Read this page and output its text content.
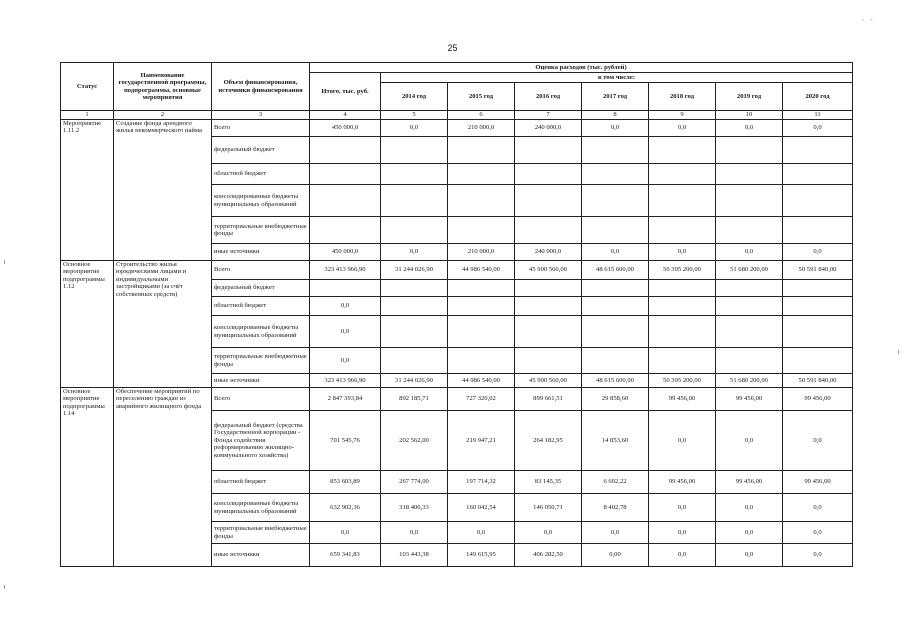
25
- -
Статус	Наименование государственной программы, подпрограммы, основные мероприятия	Объем финансирования, источники финансирования	Оценка расходов (тыс. рублей)							
			Итого, тыс. руб.	в том числе:						
				2014 год	2015 год	2016 год	2017 год	2018 год	2019 год	2020 год
1	2	3	4	5	6	7	8	9	10	11
Мероприятие 1.11.2	Создание фонда арендного жилья некоммерческого найма	Всего	450 000,0	0,0	210 000,0	240 000,0	0,0	0,0	0,0	0,0
		федеральный бюджет								
		областной бюджет								
		консолидированные бюджеты муниципальных образований								
		территориальные внебюджетные фонды								
		иные источники	450 000,0	0,0	210 000,0	240 000,0	0,0	0,0	0,0	0,0
Основное мероприятие подпрограммы 1.12	Строительство жилья юридическими лицами и индивидуальными застройщиками (за счёт собственных средств)	Всего	323 413 966,90	31 244 026,90	44 986 540,00	45 900 560,00	48 615 600,00	50 395 200,00	51 680 200,00	50 591 840,00
		федеральный бюджет								
		областной бюджет	0,0							
		консолидированные бюджеты муниципальных образований	0,0							
		территориальные внебюджетные фонды	0,0							
		иные источники	323 413 966,90	31 244 026,90	44 986 540,00	45 900 560,00	48 615 600,00	50 395 200,00	51 680 200,00	50 591 840,00
Основное мероприятие подпрограммы 1.14	Обеспечение мероприятий по переселению граждан из аварийного жилищного фонда	Всего	2 847 393,84	892 185,71	727 320,02	899 661,51	29 858,60	99 456,00	99 456,00	99 456,00
		федеральный бюджет (средства Государственной корпорации - Фонда содействия реформированию жилищно-коммунального хозяйства)	701 545,76	202 562,00	219 947,21	264 182,95	14 853,60	0,0	0,0	0,0
		областной бюджет	853 603,89	267 774,00	197 714,32	83 145,35	6 602,22	99 456,00	99 456,00	99 456,00
		консолидированные бюджеты муниципальных образований	632 902,36	318 406,33	160 042,54	146 050,71	8 402,78	0,0	0,0	0,0
		территориальные внебюджетные фонды	0,0	0,0	0,0	0,0	0,0	0,0	0,0	0,0
		иные источники	659 341,83	103 443,38	149 615,95	406 282,50	0,00	0,0	0,0	0,0
